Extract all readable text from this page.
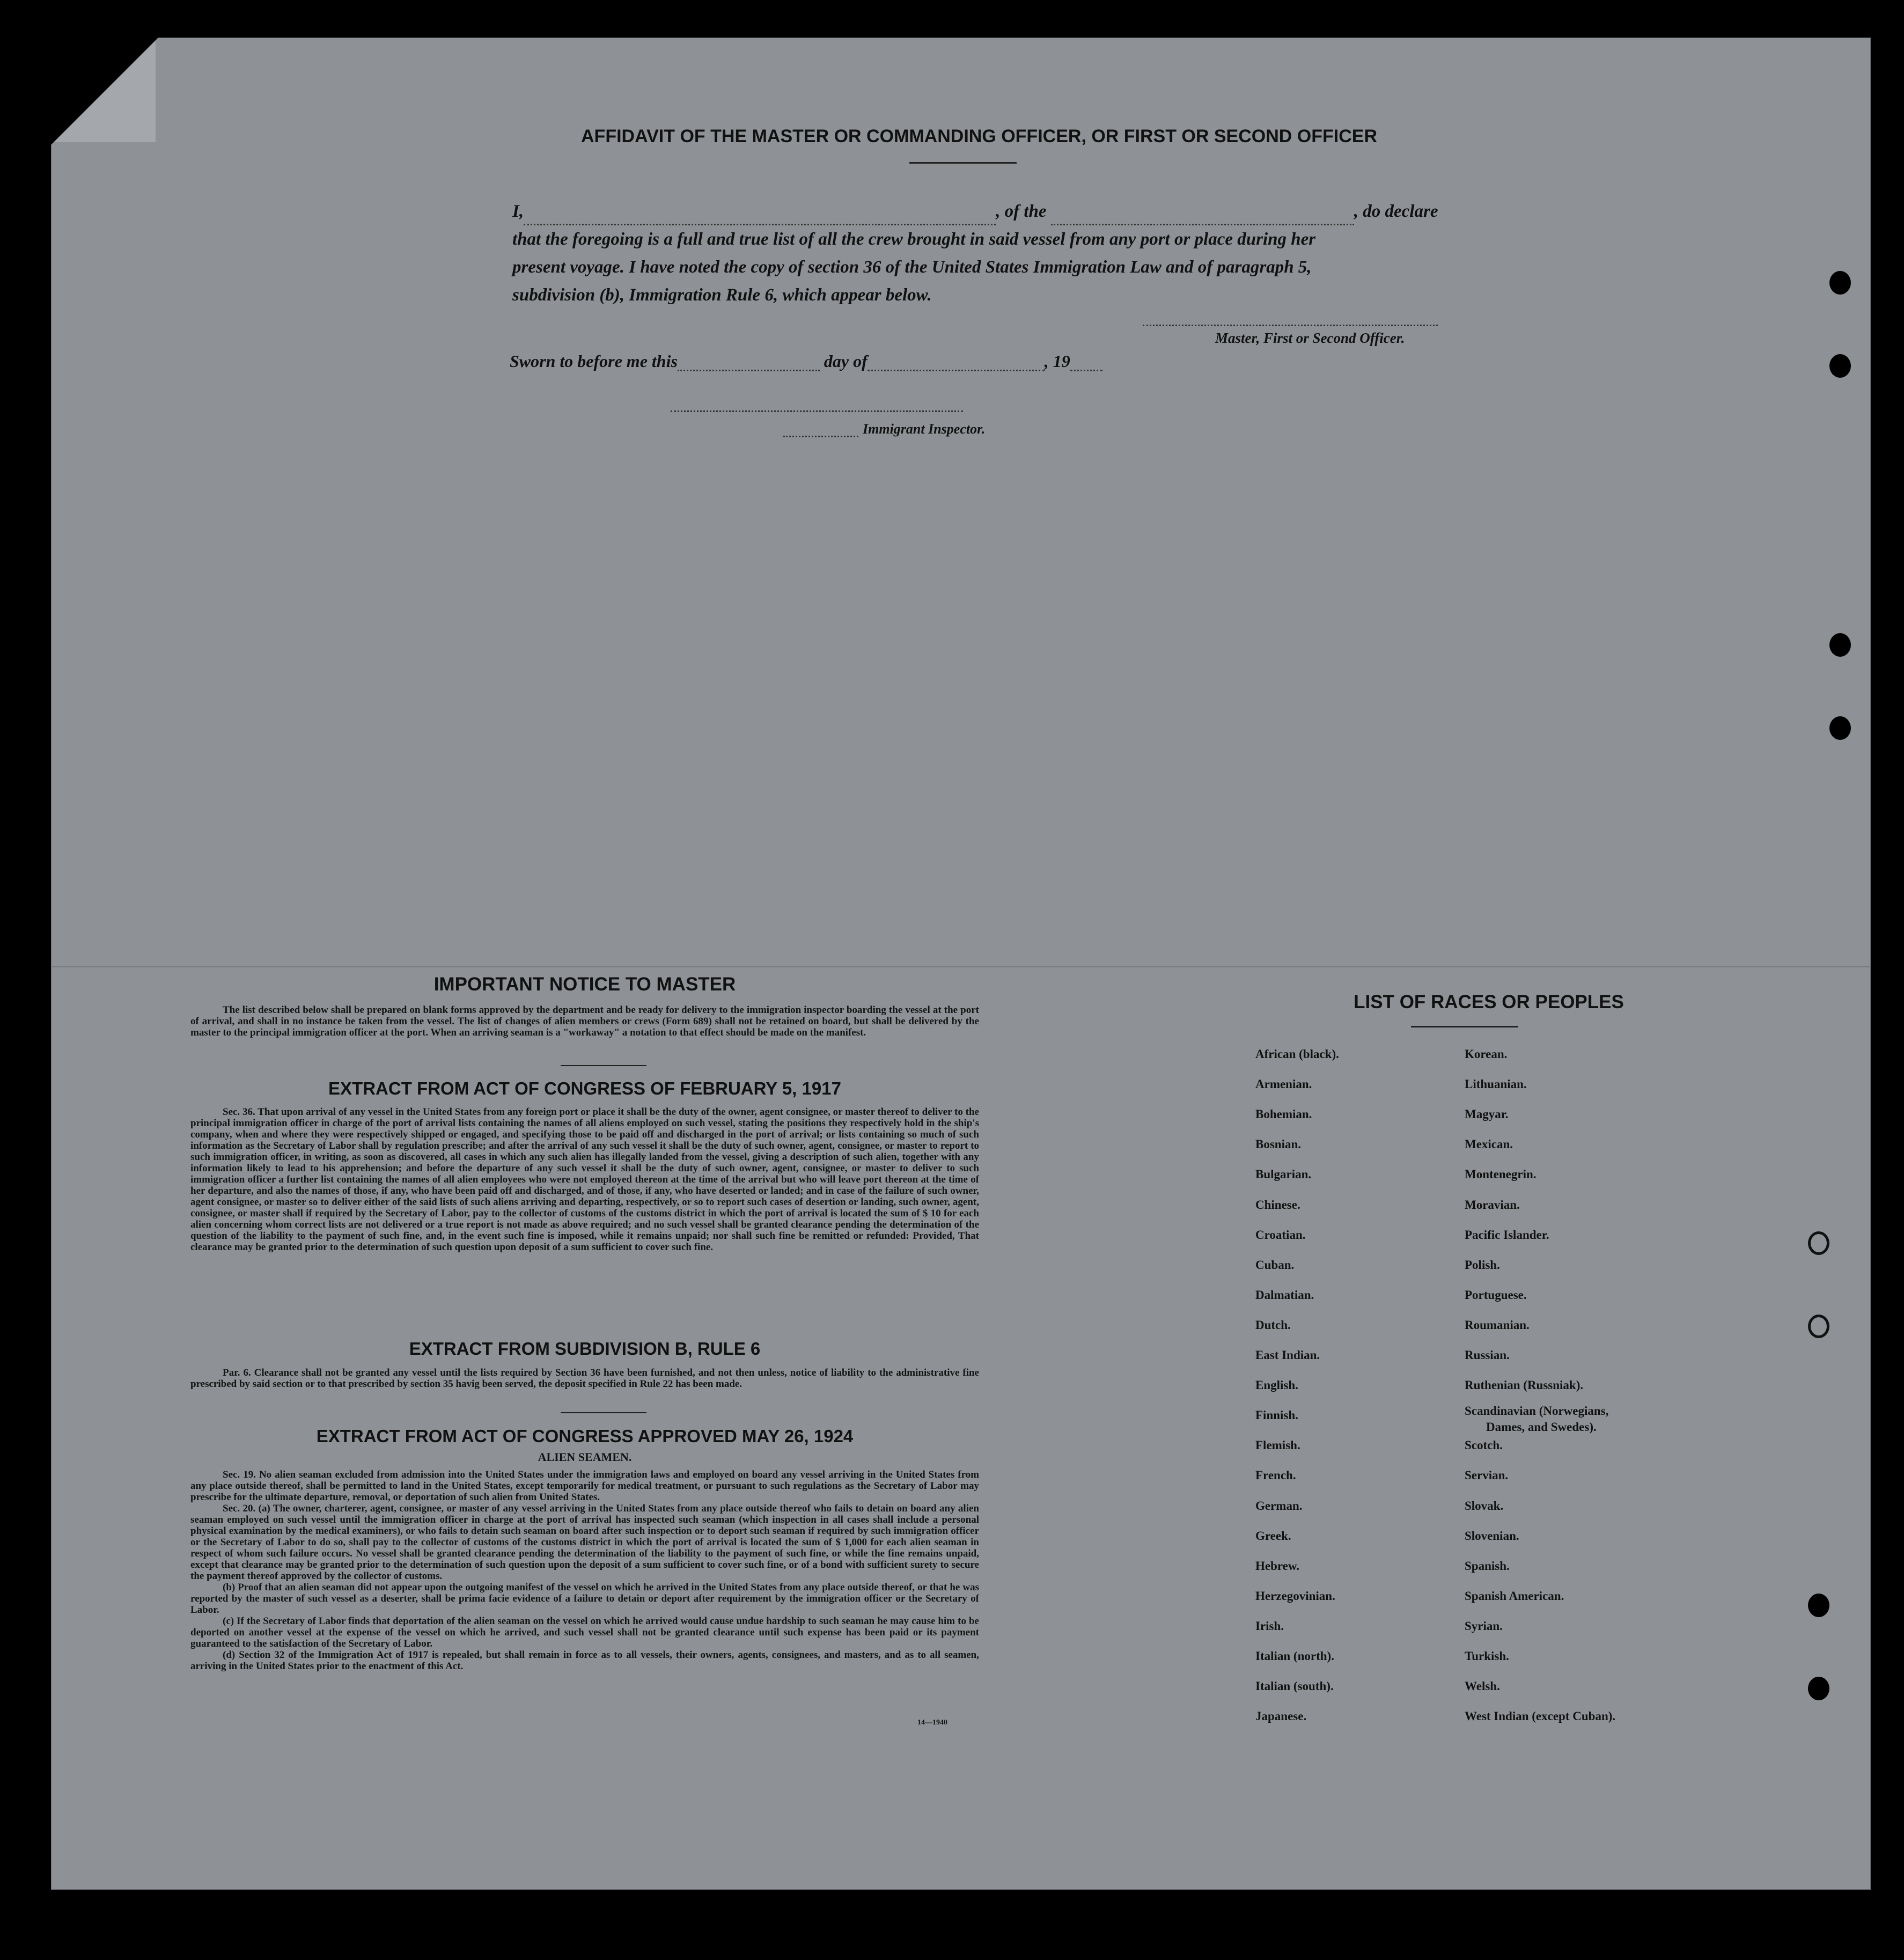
AFFIDAVIT OF THE MASTER OR COMMANDING OFFICER, OR FIRST OR SECOND OFFICER
I,	, of the	, do declare
that the foregoing is a full and true list of all the crew brought in said vessel from any port or place during her
present voyage. I have noted the copy of section 36 of the United States Immigration Law and of paragraph 5,
subdivision (b), Immigration Rule 6, which appear below.
Master, First or Second Officer.
Sworn to before me this	day of	, 19
Immigrant Inspector.
IMPORTANT NOTICE TO MASTER

The list described below shall be prepared on blank forms approved by the department and be ready for delivery to the immigration inspector boarding the vessel at the port of arrival, and shall in no instance be taken from the vessel. The list of changes of alien members or crews (Form 689) shall not be retained on board, but shall be delivered by the master to the principal immigration officer at the port. When an arriving seaman is a "workaway" a notation to that effect should be made on the manifest.

EXTRACT FROM ACT OF CONGRESS OF FEBRUARY 5, 1917

Sec. 36. That upon arrival of any vessel in the United States from any foreign port or place it shall be the duty of the owner, agent consignee, or master thereof to deliver to the principal immigration officer in charge of the port of arrival lists containing the names of all aliens employed on such vessel, stating the positions they respectively hold in the ship's company, when and where they were respectively shipped or engaged, and specifying those to be paid off and discharged in the port of arrival; or lists containing so much of such information as the Secretary of Labor shall by regulation prescribe; and after the arrival of any such vessel it shall be the duty of such owner, agent, consignee, or master to report to such immigration officer, in writing, as soon as discovered, all cases in which any such alien has illegally landed from the vessel, giving a description of such alien, together with any information likely to lead to his apprehension; and before the departure of any such vessel it shall be the duty of such owner, agent, consignee, or master to deliver to such immigration officer a further list containing the names of all alien employees who were not employed thereon at the time of the arrival but who will leave port thereon at the time of her departure, and also the names of those, if any, who have been paid off and discharged, and of those, if any, who have deserted or landed; and in case of the failure of such owner, agent consignee, or master so to deliver either of the said lists of such aliens arriving and departing, respectively, or so to report such cases of desertion or landing, such owner, agent, consignee, or master shall if required by the Secretary of Labor, pay to the collector of customs of the customs district in which the port of arrival is located the sum of $ 10 for each alien concerning whom correct lists are not delivered or a true report is not made as above required; and no such vessel shall be granted clearance pending the determination of the question of the liability to the payment of such fine, and, in the event such fine is imposed, while it remains unpaid; nor shall such fine be remitted or refunded: Provided, That clearance may be granted prior to the determination of such question upon deposit of a sum sufficient to cover such fine.

EXTRACT FROM SUBDIVISION B, RULE 6

Par. 6. Clearance shall not be granted any vessel until the lists required by Section 36 have been furnished, and not then unless, notice of liability to the administrative fine prescribed by said section or to that prescribed by section 35 havig been served, the deposit specified in Rule 22 has been made.

EXTRACT FROM ACT OF CONGRESS APPROVED MAY 26, 1924
ALIEN SEAMEN.

Sec. 19. No alien seaman excluded from admission into the United States under the immigration laws and employed on board any vessel arriving in the United States from any place outside thereof, shall be permitted to land in the United States, except temporarily for medical treatment, or pursuant to such regulations as the Secretary of Labor may prescribe for the ultimate departure, removal, or deportation of such alien from United States.

Sec. 20. (a) The owner, charterer, agent, consignee, or master of any vessel arriving in the United States from any place outside thereof who fails to detain on board any alien seaman employed on such vessel until the immigration officer in charge at the port of arrival has inspected such seaman (which inspection in all cases shall include a personal physical examination by the medical examiners), or who fails to detain such seaman on board after such inspection or to deport such seaman if required by such immigration officer or the Secretary of Labor to do so, shall pay to the collector of customs of the customs district in which the port of arrival is located the sum of $ 1,000 for each alien seaman in respect of whom such failure occurs. No vessel shall be granted clearance pending the determination of the liability to the payment of such fine, or while the fine remains unpaid, except that clearance may be granted prior to the determination of such question upon the deposit of a sum sufficient to cover such fine, or of a bond with sufficient surety to secure the payment thereof approved by the collector of customs.

(b) Proof that an alien seaman did not appear upon the outgoing manifest of the vessel on which he arrived in the United States from any place outside thereof, or that he was reported by the master of such vessel as a deserter, shall be prima facie evidence of a failure to detain or deport after requirement by the immigration officer or the Secretary of Labor.

(c) If the Secretary of Labor finds that deportation of the alien seaman on the vessel on which he arrived would cause undue hardship to such seaman he may cause him to be deported on another vessel at the expense of the vessel on which he arrived, and such vessel shall not be granted clearance until such expense has been paid or its payment guaranteed to the satisfaction of the Secretary of Labor.

(d) Section 32 of the Immigration Act of 1917 is repealed, but shall remain in force as to all vessels, their owners, agents, consignees, and masters, and as to all seamen, arriving in the United States prior to the enactment of this Act.

14—1940
LIST OF RACES OR PEOPLES
African (black).
Armenian.
Bohemian.
Bosnian.
Bulgarian.
Chinese.
Croatian.
Cuban.
Dalmatian.
Dutch.
East Indian.
English.
Finnish.
Flemish.
French.
German.
Greek.
Hebrew.
Herzegovinian.
Irish.
Italian (north).
Italian (south).
Japanese.
Korean.
Lithuanian.
Magyar.
Mexican.
Montenegrin.
Moravian.
Pacific Islander.
Polish.
Portuguese.
Roumanian.
Russian.
Ruthenian (Russniak).
Scandinavian (Norwegians,
Dames, and Swedes).
Scotch.
Servian.
Slovak.
Slovenian.
Spanish.
Spanish American.
Syrian.
Turkish.
Welsh.
West Indian (except Cuban).
